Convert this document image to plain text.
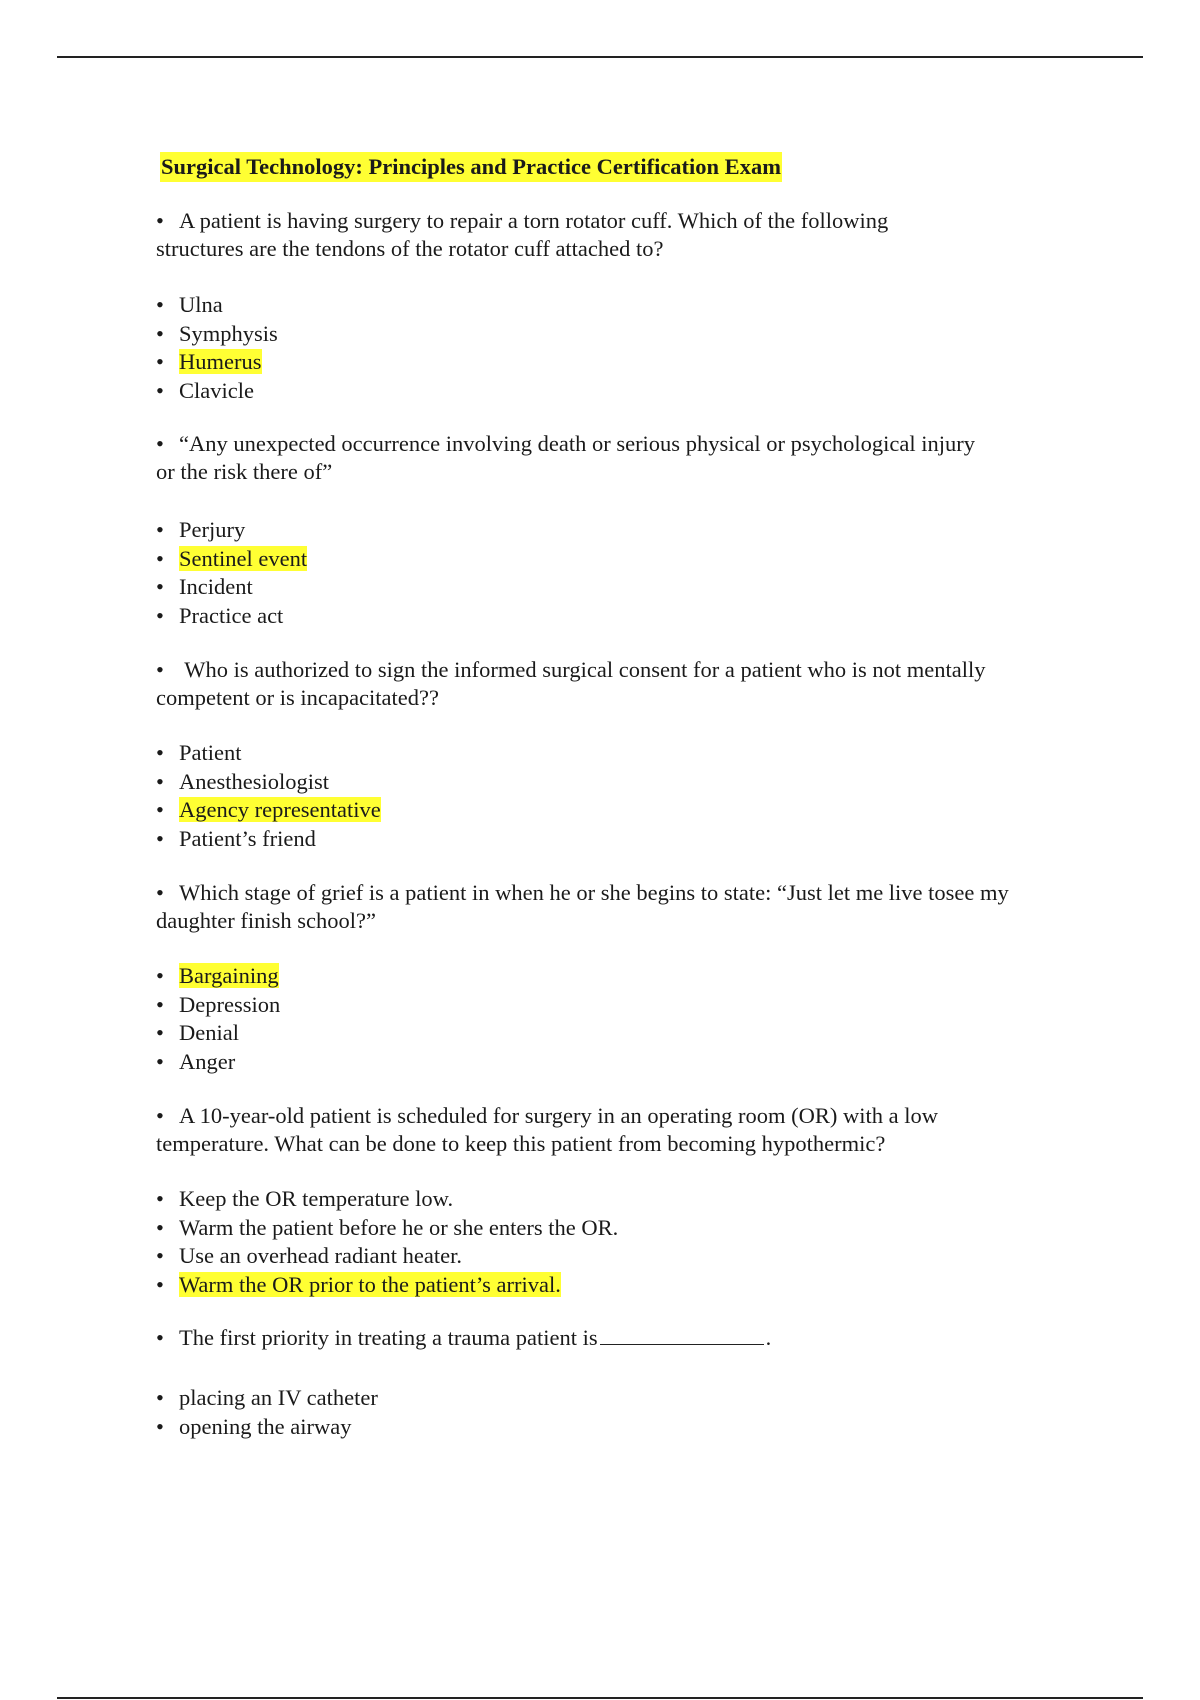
Surgical Technology: Principles and Practice Certification Exam
• A patient is having surgery to repair a torn rotator cuff. Which of the following structures are the tendons of the rotator cuff attached to?
• Ulna
• Symphysis
• Humerus
• Clavicle
• “Any unexpected occurrence involving death or serious physical or psychological injury or the risk there of”
• Perjury
• Sentinel event
• Incident
• Practice act
• Who is authorized to sign the informed surgical consent for a patient who is not mentally competent or is incapacitated??
• Patient
• Anesthesiologist
• Agency representative
• Patient’s friend
• Which stage of grief is a patient in when he or she begins to state: “Just let me live tosee my daughter finish school?”
• Bargaining
• Depression
• Denial
• Anger
• A 10-year-old patient is scheduled for surgery in an operating room (OR) with a low temperature. What can be done to keep this patient from becoming hypothermic?
• Keep the OR temperature low.
• Warm the patient before he or she enters the OR.
• Use an overhead radiant heater.
• Warm the OR prior to the patient’s arrival.
• The first priority in treating a trauma patient is	.
• placing an IV catheter
• opening the airway
